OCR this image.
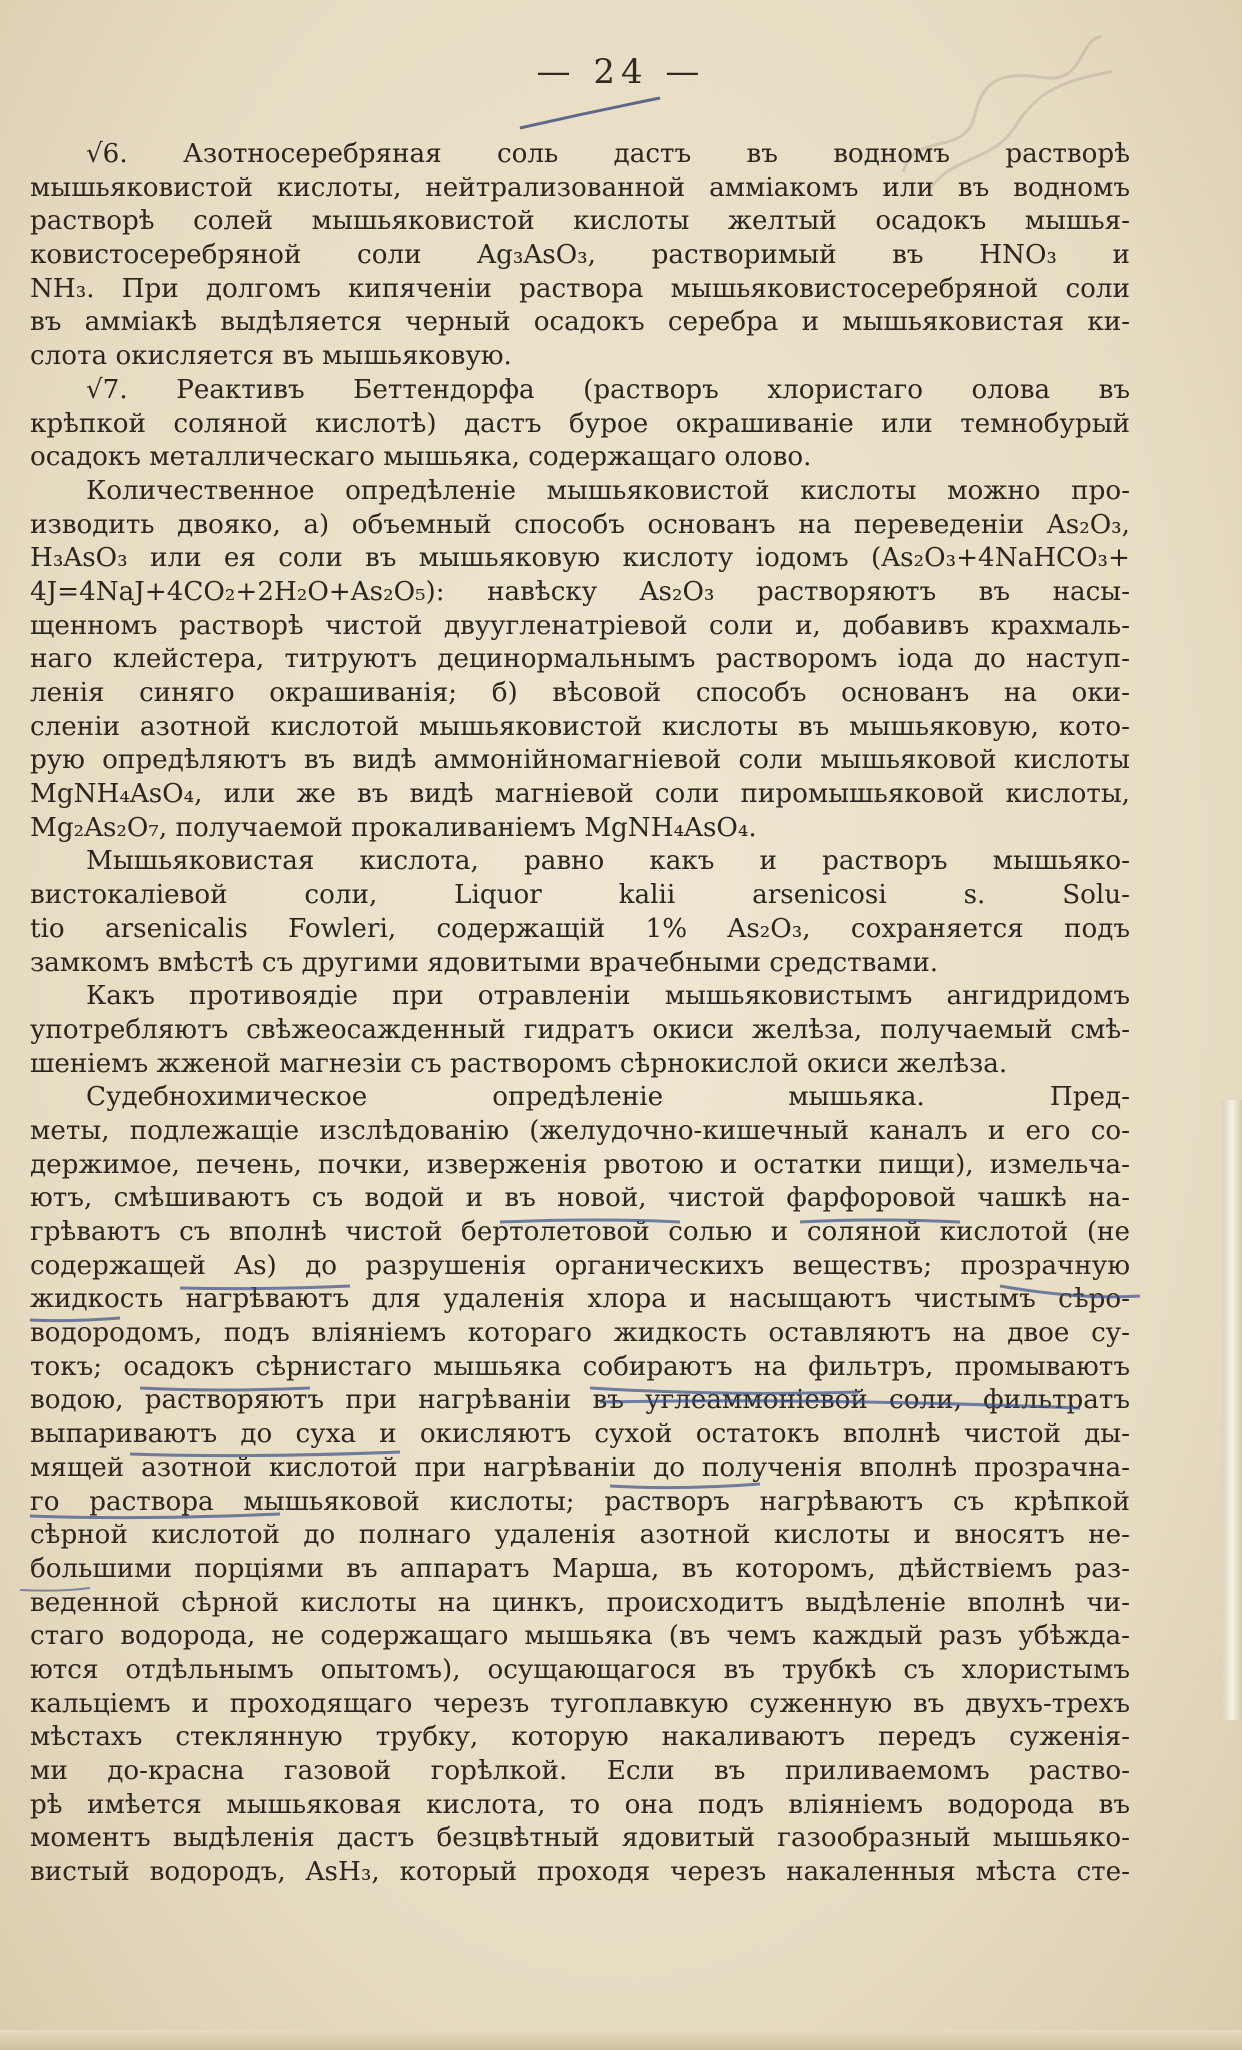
— 24 —
√6. Азотносеребряная соль дастъ въ водномъ растворѣ
мышьяковистой кислоты, нейтрализованной амміакомъ или въ водномъ
растворѣ солей мышьяковистой кислоты желтый осадокъ мышья-
ковистосеребряной соли Ag₃AsO₃, растворимый въ HNO₃ и
NH₃. При долгомъ кипяченіи раствора мышьяковистосеребряной соли
въ амміакѣ выдѣляется черный осадокъ серебра и мышьяковистая ки-
слота окисляется въ мышьяковую.
√7. Реактивъ Беттендорфа (растворъ хлористаго олова въ
крѣпкой соляной кислотѣ) дастъ бурое окрашиваніе или темнобурый
осадокъ металлическаго мышьяка, содержащаго олово.
Количественное опредѣленіе мышьяковистой кислоты можно про-
изводить двояко, а) объемный способъ основанъ на переведеніи As₂O₃,
H₃AsO₃ или ея соли въ мышьяковую кислоту іодомъ (As₂O₃+4NaHCO₃+
4J=4NaJ+4CO₂+2H₂O+As₂O₅): навѣску As₂O₃ растворяютъ въ насы-
щенномъ растворѣ чистой двуугленатріевой соли и, добавивъ крахмаль-
наго клейстера, титруютъ децинормальнымъ растворомъ іода до наступ-
ленія синяго окрашиванія; б) вѣсовой способъ основанъ на оки-
сленіи азотной кислотой мышьяковистой кислоты въ мышьяковую, кото-
рую опредѣляютъ въ видѣ аммонійномагніевой соли мышьяковой кислоты
MgNH₄AsO₄, или же въ видѣ магніевой соли пиромышьяковой кислоты,
Mg₂As₂O₇, получаемой прокаливаніемъ MgNH₄AsO₄.
Мышьяковистая кислота, равно какъ и растворъ мышьяко-
вистокаліевой соли, Liquor kalii arsenicosi s. Solu-
tio arsenicalis Fowleri, содержащій 1% As₂O₃, сохраняется подъ
замкомъ вмѣстѣ съ другими ядовитыми врачебными средствами.
Какъ противоядіе при отравленіи мышьяковистымъ ангидридомъ
употребляютъ свѣжеосажденный гидратъ окиси желѣза, получаемый смѣ-
шеніемъ жженой магнезіи съ растворомъ сѣрнокислой окиси желѣза.
Судебнохимическое опредѣленіе мышьяка. Пред-
меты, подлежащіе изслѣдованію (желудочно-кишечный каналъ и его со-
держимое, печень, почки, изверженія рвотою и остатки пищи), измельча-
ютъ, смѣшиваютъ съ водой и въ новой, чистой фарфоровой чашкѣ на-
грѣваютъ съ вполнѣ чистой бертолетовой солью и соляной кислотой (не
содержащей As) до разрушенія органическихъ веществъ; прозрачную
жидкость нагрѣваютъ для удаленія хлора и насыщаютъ чистымъ сѣро-
водородомъ, подъ вліяніемъ котораго жидкость оставляютъ на двое су-
токъ; осадокъ сѣрнистаго мышьяка собираютъ на фильтръ, промываютъ
водою, растворяютъ при нагрѣваніи въ углеаммоніевой соли, фильтратъ
выпариваютъ до суха и окисляютъ сухой остатокъ вполнѣ чистой ды-
мящей азотной кислотой при нагрѣваніи до полученія вполнѣ прозрачна-
го раствора мышьяковой кислоты; растворъ нагрѣваютъ съ крѣпкой
сѣрной кислотой до полнаго удаленія азотной кислоты и вносятъ не-
большими порціями въ аппаратъ Марша, въ которомъ, дѣйствіемъ раз-
веденной сѣрной кислоты на цинкъ, происходитъ выдѣленіе вполнѣ чи-
стаго водорода, не содержащаго мышьяка (въ чемъ каждый разъ убѣжда-
ются отдѣльнымъ опытомъ), осущающагося въ трубкѣ съ хлористымъ
кальціемъ и проходящаго черезъ тугоплавкую суженную въ двухъ-трехъ
мѣстахъ стеклянную трубку, которую накаливаютъ передъ суженія-
ми до-красна газовой горѣлкой. Если въ приливаемомъ раство-
рѣ имѣется мышьяковая кислота, то она подъ вліяніемъ водорода въ
моментъ выдѣленія дастъ безцвѣтный ядовитый газообразный мышьяко-
вистый водородъ, AsH₃, который проходя черезъ накаленныя мѣста сте-
